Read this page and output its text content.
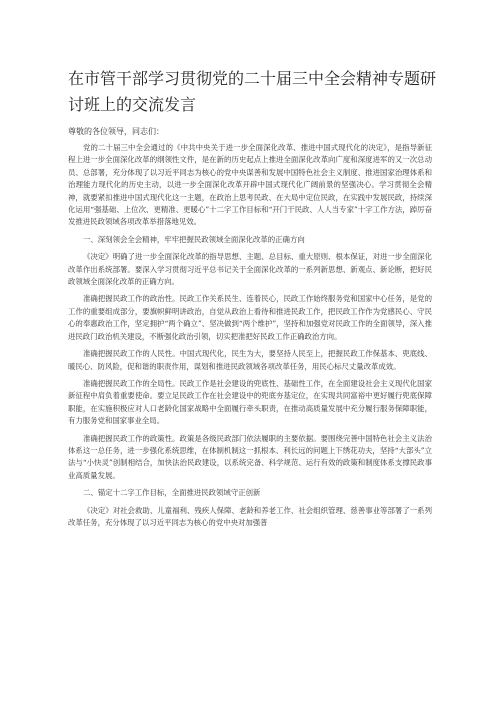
在市管干部学习贯彻党的二十届三中全会精神专题研讨班上的交流发言

尊敬的各位领导，同志们：

党的二十届三中全会通过的《中共中央关于进一步全面深化改革、推进中国式现代化的决定》，是指导新征程上进一步全面深化改革的纲领性文件，是在新的历史起点上推进全面深化改革向广度和深度进军的又一次总动员、总部署，充分体现了以习近平同志为核心的党中央谋善和发展中国特色社会主义制度、推进国家治理体系和治理能力现代化的历史主动，以进一步全面深化改革开辟中国式现代化广阔前景的坚强决心。学习贯彻全会精神，就要紧扣推进中国式现代化这一主题，在政治上思考民政、在大局中定位民政，在实践中发展民政，持续深化运用“强基础、上位次、更精准、更暖心”十二字工作目标和“开门干民政、人人当专家”十字工作方法，踔厉奋发推进民政领域各项改革举措落地见效。

一、深刻领会全会精神，牢牢把握民政领域全面深化改革的正确方向

《决定》明确了进一步全面深化改革的指导思想、主题、总目标、重大原则、根本保证，对进一步全面深化改革作出系统部署。要深入学习贯彻习近平总书记关于全面深化改革的一系列新思想、新观点、新论断，把好民政领域全面深化改革的正确方向。

准确把握民政工作的政治性。民政工作关系民生、连着民心，民政工作始终服务党和国家中心任务，是党的工作的重要组成部分，要旗帜鲜明讲政治，自觉从政治上看待和推进民政工作，把民政工作作为党感民心、守民心的奉惠政治工作，坚定拥护“两个确立”、坚决做到“两个维护”，坚持和加强党对民政工作的全面领导，深入推进民政门政治机关建设，不断强化政治引领，切实把准把好民政工作正确政治方向。

准确把握民政工作的人民性。中国式现代化，民生为大，要坚持人民至上，把握民政工作保基本、兜底线、暖民心、防风险，促和谐的职责作用，谋划和推进民政领域各项改革任务，用民心标尺丈量改革成效。

准确把握民政工作的全局性。民政工作是社会建设的兜底性、基础性工作，在全面建设社会主义现代化国家新征程中肩负着重要使命。要立足民政工作在社会建设中的兜底夯基定位，在实现共同富裕中更好履行兜底保障职能，在实施积极应对人口老龄化国家战略中全面履行牵头职责，在推动高质量发展中充分履行服务保障职能，有力服务党和国家事业全局。

准确把握民政工作的政策性。政策是各级民政部门依法履职的主要依据。要围绕完善中国特色社会主义法治体系这一总任务，进一步强化系统思维，在体制机制这一抓根本、利长远的问题上下绣花功夫，坚持“大部头”立法与“小快灵”创制相结合，加快法治民政建设，以系统完备、科学规范、运行有效的政策和制度体系支撑民政事业高质量发展。

二、锚定十二字工作目标，全面推进民政领域守正创新

《决定》对社会救助、儿童福利、残疾人保障、老龄和养老工作、社会组织管理、慈善事业等部署了一系列改革任务，充分体现了以习近平同志为核心的党中央对加强普
